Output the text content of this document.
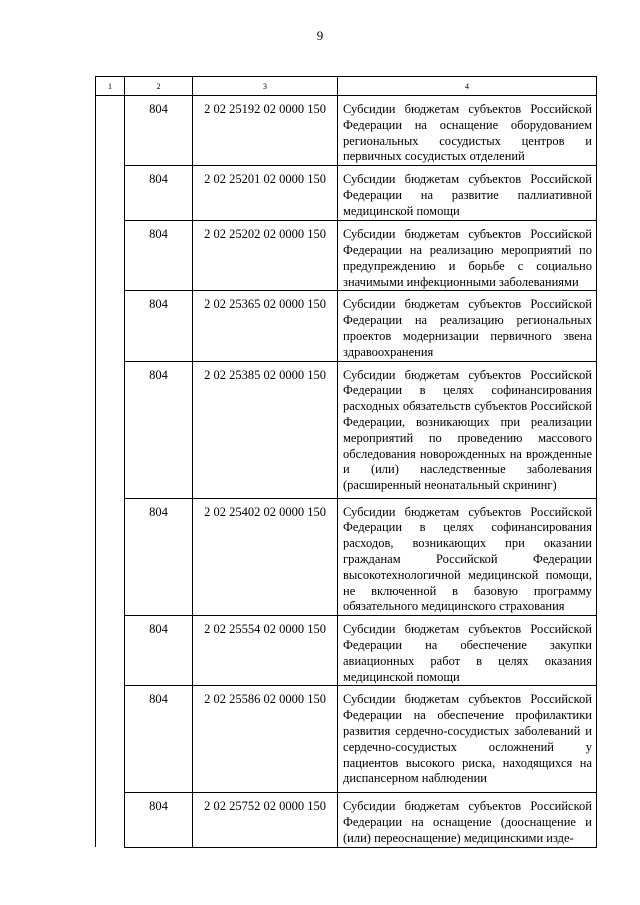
9
1	2	3	4
	804	2 02 25192 02 0000 150	Субсидии бюджетам субъектов Российской Федерации на оснащение оборудованием региональных сосудистых центров и первичных сосудистых отделений
	804	2 02 25201 02 0000 150	Субсидии бюджетам субъектов Российской Федерации на развитие паллиативной медицинской помощи
	804	2 02 25202 02 0000 150	Субсидии бюджетам субъектов Российской Федерации на реализацию мероприятий по предупреждению и борьбе с социально значимыми инфекционными заболеваниями
	804	2 02 25365 02 0000 150	Субсидии бюджетам субъектов Российской Федерации на реализацию региональных проектов модернизации первичного звена здравоохранения
	804	2 02 25385 02 0000 150	Субсидии бюджетам субъектов Российской Федерации в целях софинансирования расходных обязательств субъектов Российской Федерации, возникающих при реализации мероприятий по проведению массового обследования новорожденных на врожденные и (или) наследственные заболевания (расширенный неонатальный скрининг)
	804	2 02 25402 02 0000 150	Субсидии бюджетам субъектов Российской Федерации в целях софинансирования расходов, возникающих при оказании гражданам Российской Федерации высокотехнологичной медицинской помощи, не включенной в базовую программу обязательного медицинского страхования
	804	2 02 25554 02 0000 150	Субсидии бюджетам субъектов Российской Федерации на обеспечение закупки авиационных работ в целях оказания медицинской помощи
	804	2 02 25586 02 0000 150	Субсидии бюджетам субъектов Российской Федерации на обеспечение профилактики развития сердечно-сосудистых заболеваний и сердечно-сосудистых осложнений у пациентов высокого риска, находящихся на диспансерном наблюдении
	804	2 02 25752 02 0000 150	Субсидии бюджетам субъектов Российской Федерации на оснащение (дооснащение и (или) переоснащение) медицинскими изде-
